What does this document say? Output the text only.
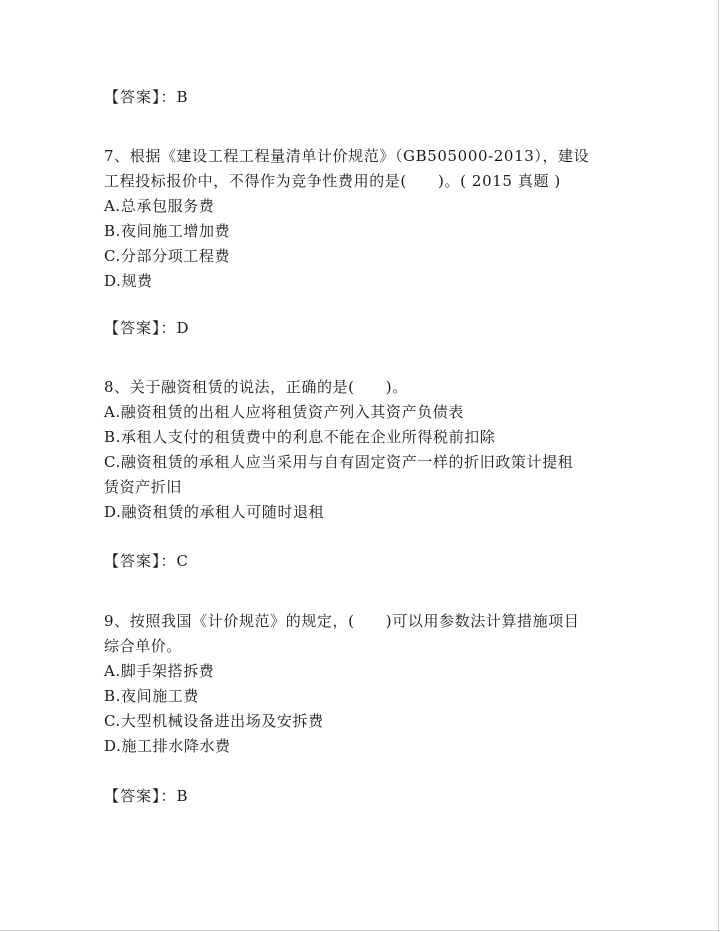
【答案】：B
7、根据《建设工程工程量清单计价规范》（GB505000-2013），建设
工程投标报价中，不得作为竞争性费用的是(　　)。( 2015 真题 )
A.总承包服务费
B.夜间施工增加费
C.分部分项工程费
D.规费
【答案】：D
8、关于融资租赁的说法，正确的是(　　)。
A.融资租赁的出租人应将租赁资产列入其资产负债表
B.承租人支付的租赁费中的利息不能在企业所得税前扣除
C.融资租赁的承租人应当采用与自有固定资产一样的折旧政策计提租
赁资产折旧
D.融资租赁的承租人可随时退租
【答案】：C
9、按照我国《计价规范》的规定，(　　)可以用参数法计算措施项目
综合单价。
A.脚手架搭拆费
B.夜间施工费
C.大型机械设备进出场及安拆费
D.施工排水降水费
【答案】：B
